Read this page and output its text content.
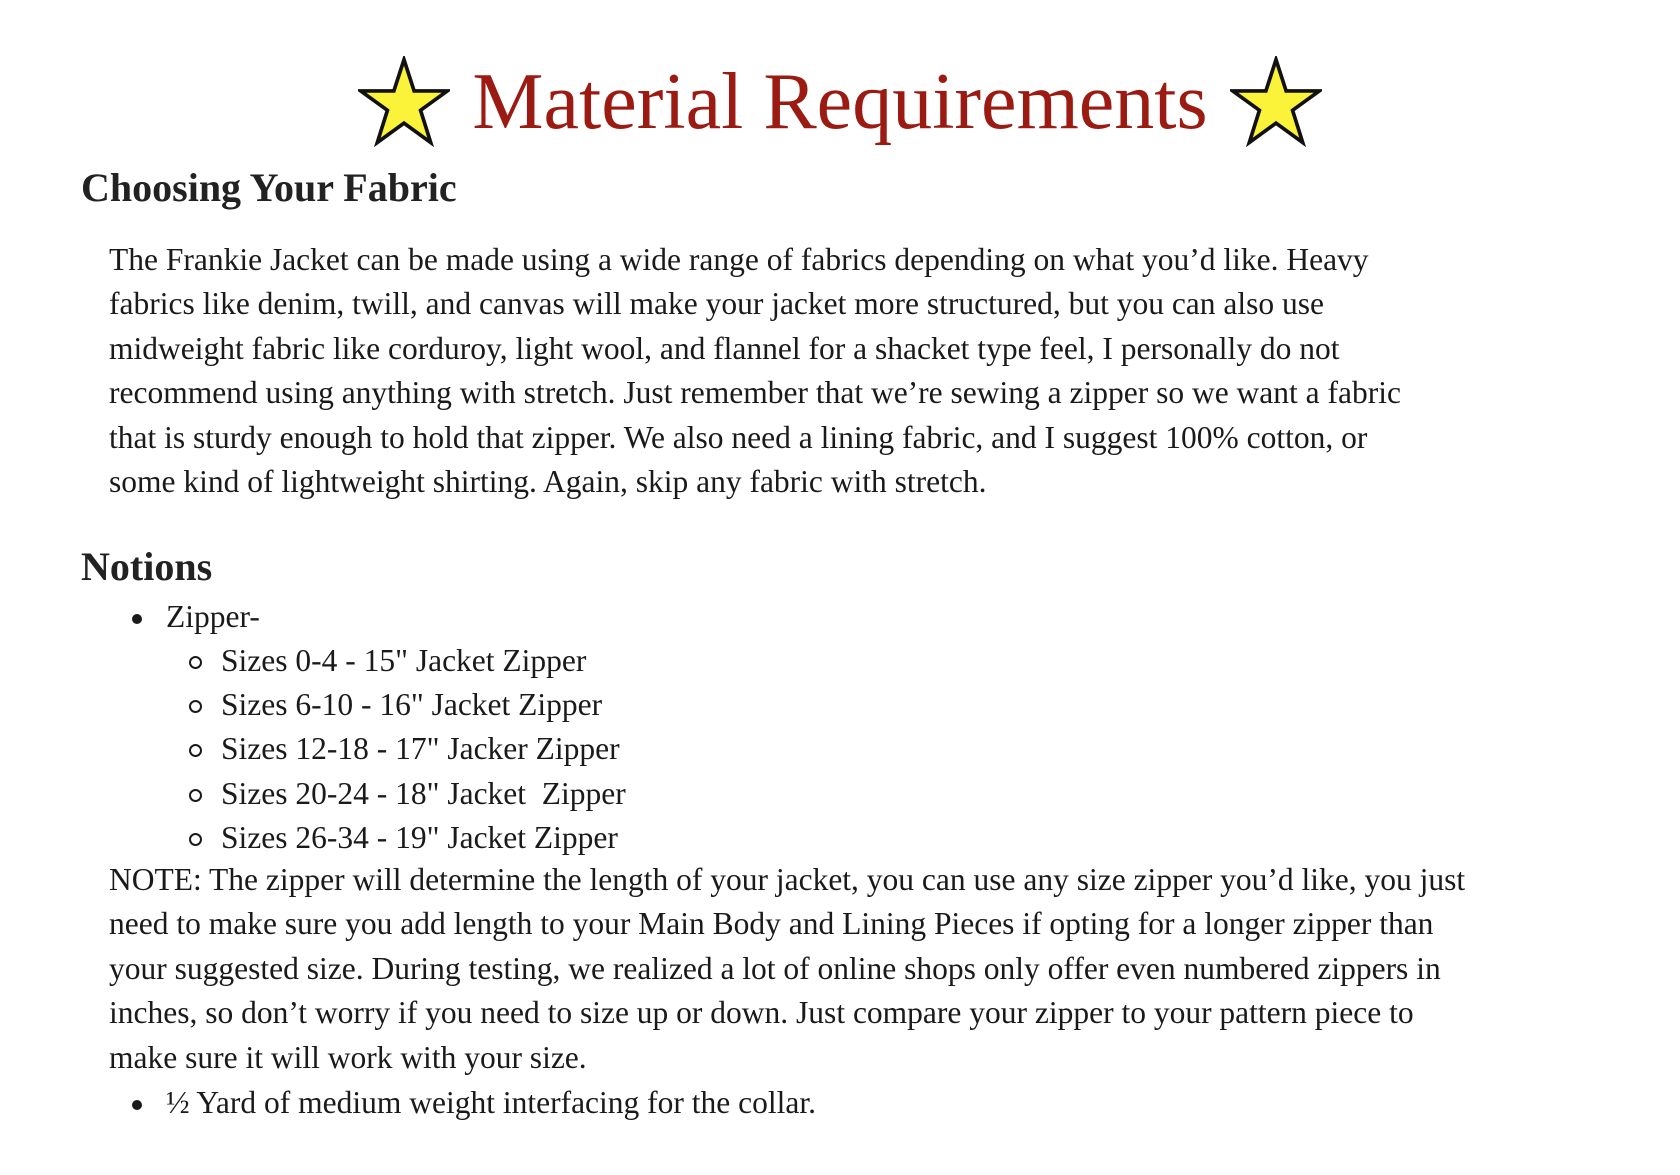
Material Requirements
Choosing Your Fabric

The Frankie Jacket can be made using a wide range of fabrics depending on what you’d like. Heavy
fabrics like denim, twill, and canvas will make your jacket more structured, but you can also use
midweight fabric like corduroy, light wool, and flannel for a shacket type feel, I personally do not
recommend using anything with stretch. Just remember that we’re sewing a zipper so we want a fabric
that is sturdy enough to hold that zipper. We also need a lining fabric, and I suggest 100% cotton, or
some kind of lightweight shirting. Again, skip any fabric with stretch.

Notions
Zipper-
Sizes 0-4 - 15" Jacket Zipper
Sizes 6-10 - 16" Jacket Zipper
Sizes 12-18 - 17" Jacker Zipper
Sizes 20-24 - 18" Jacket  Zipper
Sizes 26-34 - 19" Jacket Zipper

NOTE: The zipper will determine the length of your jacket, you can use any size zipper you’d like, you just
need to make sure you add length to your Main Body and Lining Pieces if opting for a longer zipper than
your suggested size. During testing, we realized a lot of online shops only offer even numbered zippers in
inches, so don’t worry if you need to size up or down. Just compare your zipper to your pattern piece to
make sure it will work with your size.

½ Yard of medium weight interfacing for the collar.
